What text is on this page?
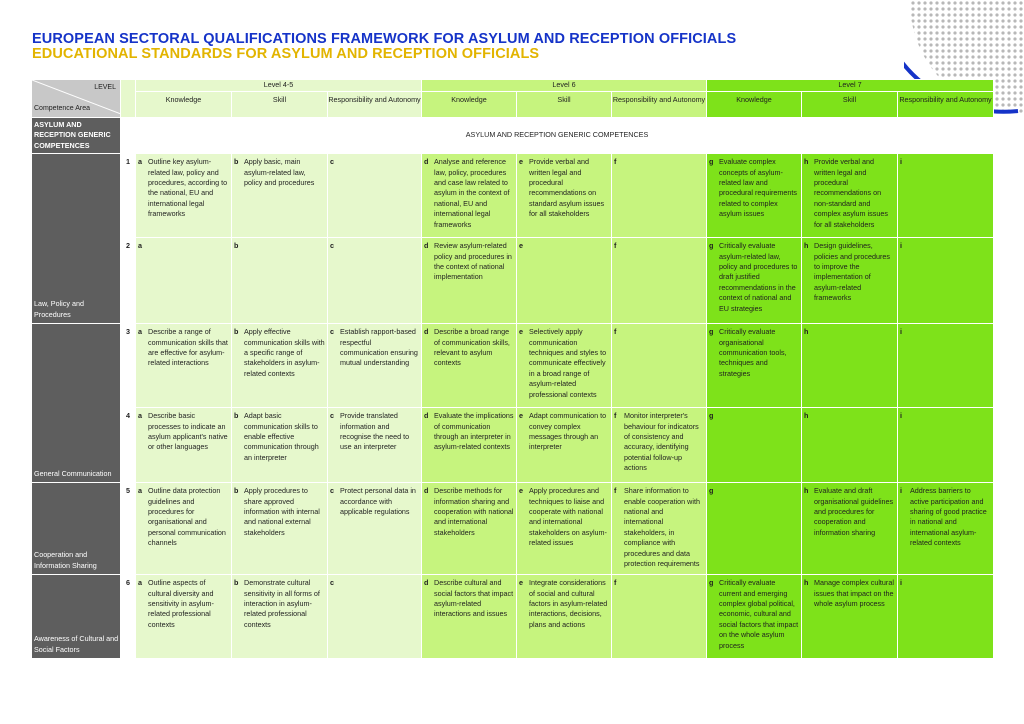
EUROPEAN SECTORAL QUALIFICATIONS FRAMEWORK FOR ASYLUM AND RECEPTION OFFICIALS
EDUCATIONAL STANDARDS FOR ASYLUM AND RECEPTION OFFICIALS
LEVEL
Competence Area		Level 4-5			Level 6			Level 7		
		Knowledge	Skill	Responsibility and Autonomy	Knowledge	Skill	Responsibility and Autonomy	Knowledge	Skill	Responsibility and Autonomy
ASYLUM AND RECEPTION GENERIC COMPETENCES	ASYLUM AND RECEPTION GENERIC COMPETENCES									

Law, Policy and Procedures	1	a Outline key asylum-related law, policy and procedures, according to the national, EU and international legal frameworks	b Apply basic, main asylum-related law, policy and procedures	c	d Analyse and reference law, policy, procedures and case law related to asylum in the context of national, EU and international legal frameworks	e Provide verbal and written legal and procedural recommendations on standard asylum issues for all stakeholders	f	g Evaluate complex concepts of asylum-related law and procedural requirements related to complex asylum issues	h Provide verbal and written legal and procedural recommendations on non-standard and complex asylum issues for all stakeholders	i

	2	a	b	c	d Review asylum-related policy and procedures in the context of national implementation	e	f	g Critically evaluate asylum-related law, policy and procedures to draft justified recommendations in the context of national and EU strategies	h Design guidelines, policies and procedures to improve the implementation of asylum-related frameworks	i

General Communication	3	a Describe a range of communication skills that are effective for asylum-related interactions	b Apply effective communication skills with a specific range of stakeholders in asylum-related contexts	c Establish rapport-based respectful communication ensuring mutual understanding	d Describe a broad range of communication skills, relevant to asylum contexts	e Selectively apply communication techniques and styles to communicate effectively in a broad range of asylum-related professional contexts	f	g Critically evaluate organisational communication tools, techniques and strategies	h	i

	4	a Describe basic processes to indicate an asylum applicant's native or other languages	b Adapt basic communication skills to enable effective communication through an interpreter	c Provide translated information and recognise the need to use an interpreter	d Evaluate the implications of communication through an interpreter in asylum-related contexts	e Adapt communication to convey complex messages through an interpreter	f Monitor interpreter's behaviour for indicators of consistency and accuracy, identifying potential follow-up actions	g	h	i

Cooperation and Information Sharing	5	a Outline data protection guidelines and procedures for organisational and personal communication channels	b Apply procedures to share approved information with internal and national external stakeholders	c Protect personal data in accordance with applicable regulations	d Describe methods for information sharing and cooperation with national and international stakeholders	e Apply procedures and techniques to liaise and cooperate with national and international stakeholders on asylum-related issues	f Share information to enable cooperation with national and international stakeholders, in compliance with procedures and data protection requirements	g	h Evaluate and draft organisational guidelines and procedures for cooperation and information sharing	i Address barriers to active participation and sharing of good practice in national and international asylum-related contexts

Awareness of Cultural and Social Factors	6	a Outline aspects of cultural diversity and sensitivity in asylum-related professional contexts	b Demonstrate cultural sensitivity in all forms of interaction in asylum-related professional contexts	c	d Describe cultural and social factors that impact asylum-related interactions and issues	e Integrate considerations of social and cultural factors in asylum-related interactions, decisions, plans and actions	f	g Critically evaluate current and emerging complex global political, economic, cultural and social factors that impact on the whole asylum process	h Manage complex cultural issues that impact on the whole asylum process	i
